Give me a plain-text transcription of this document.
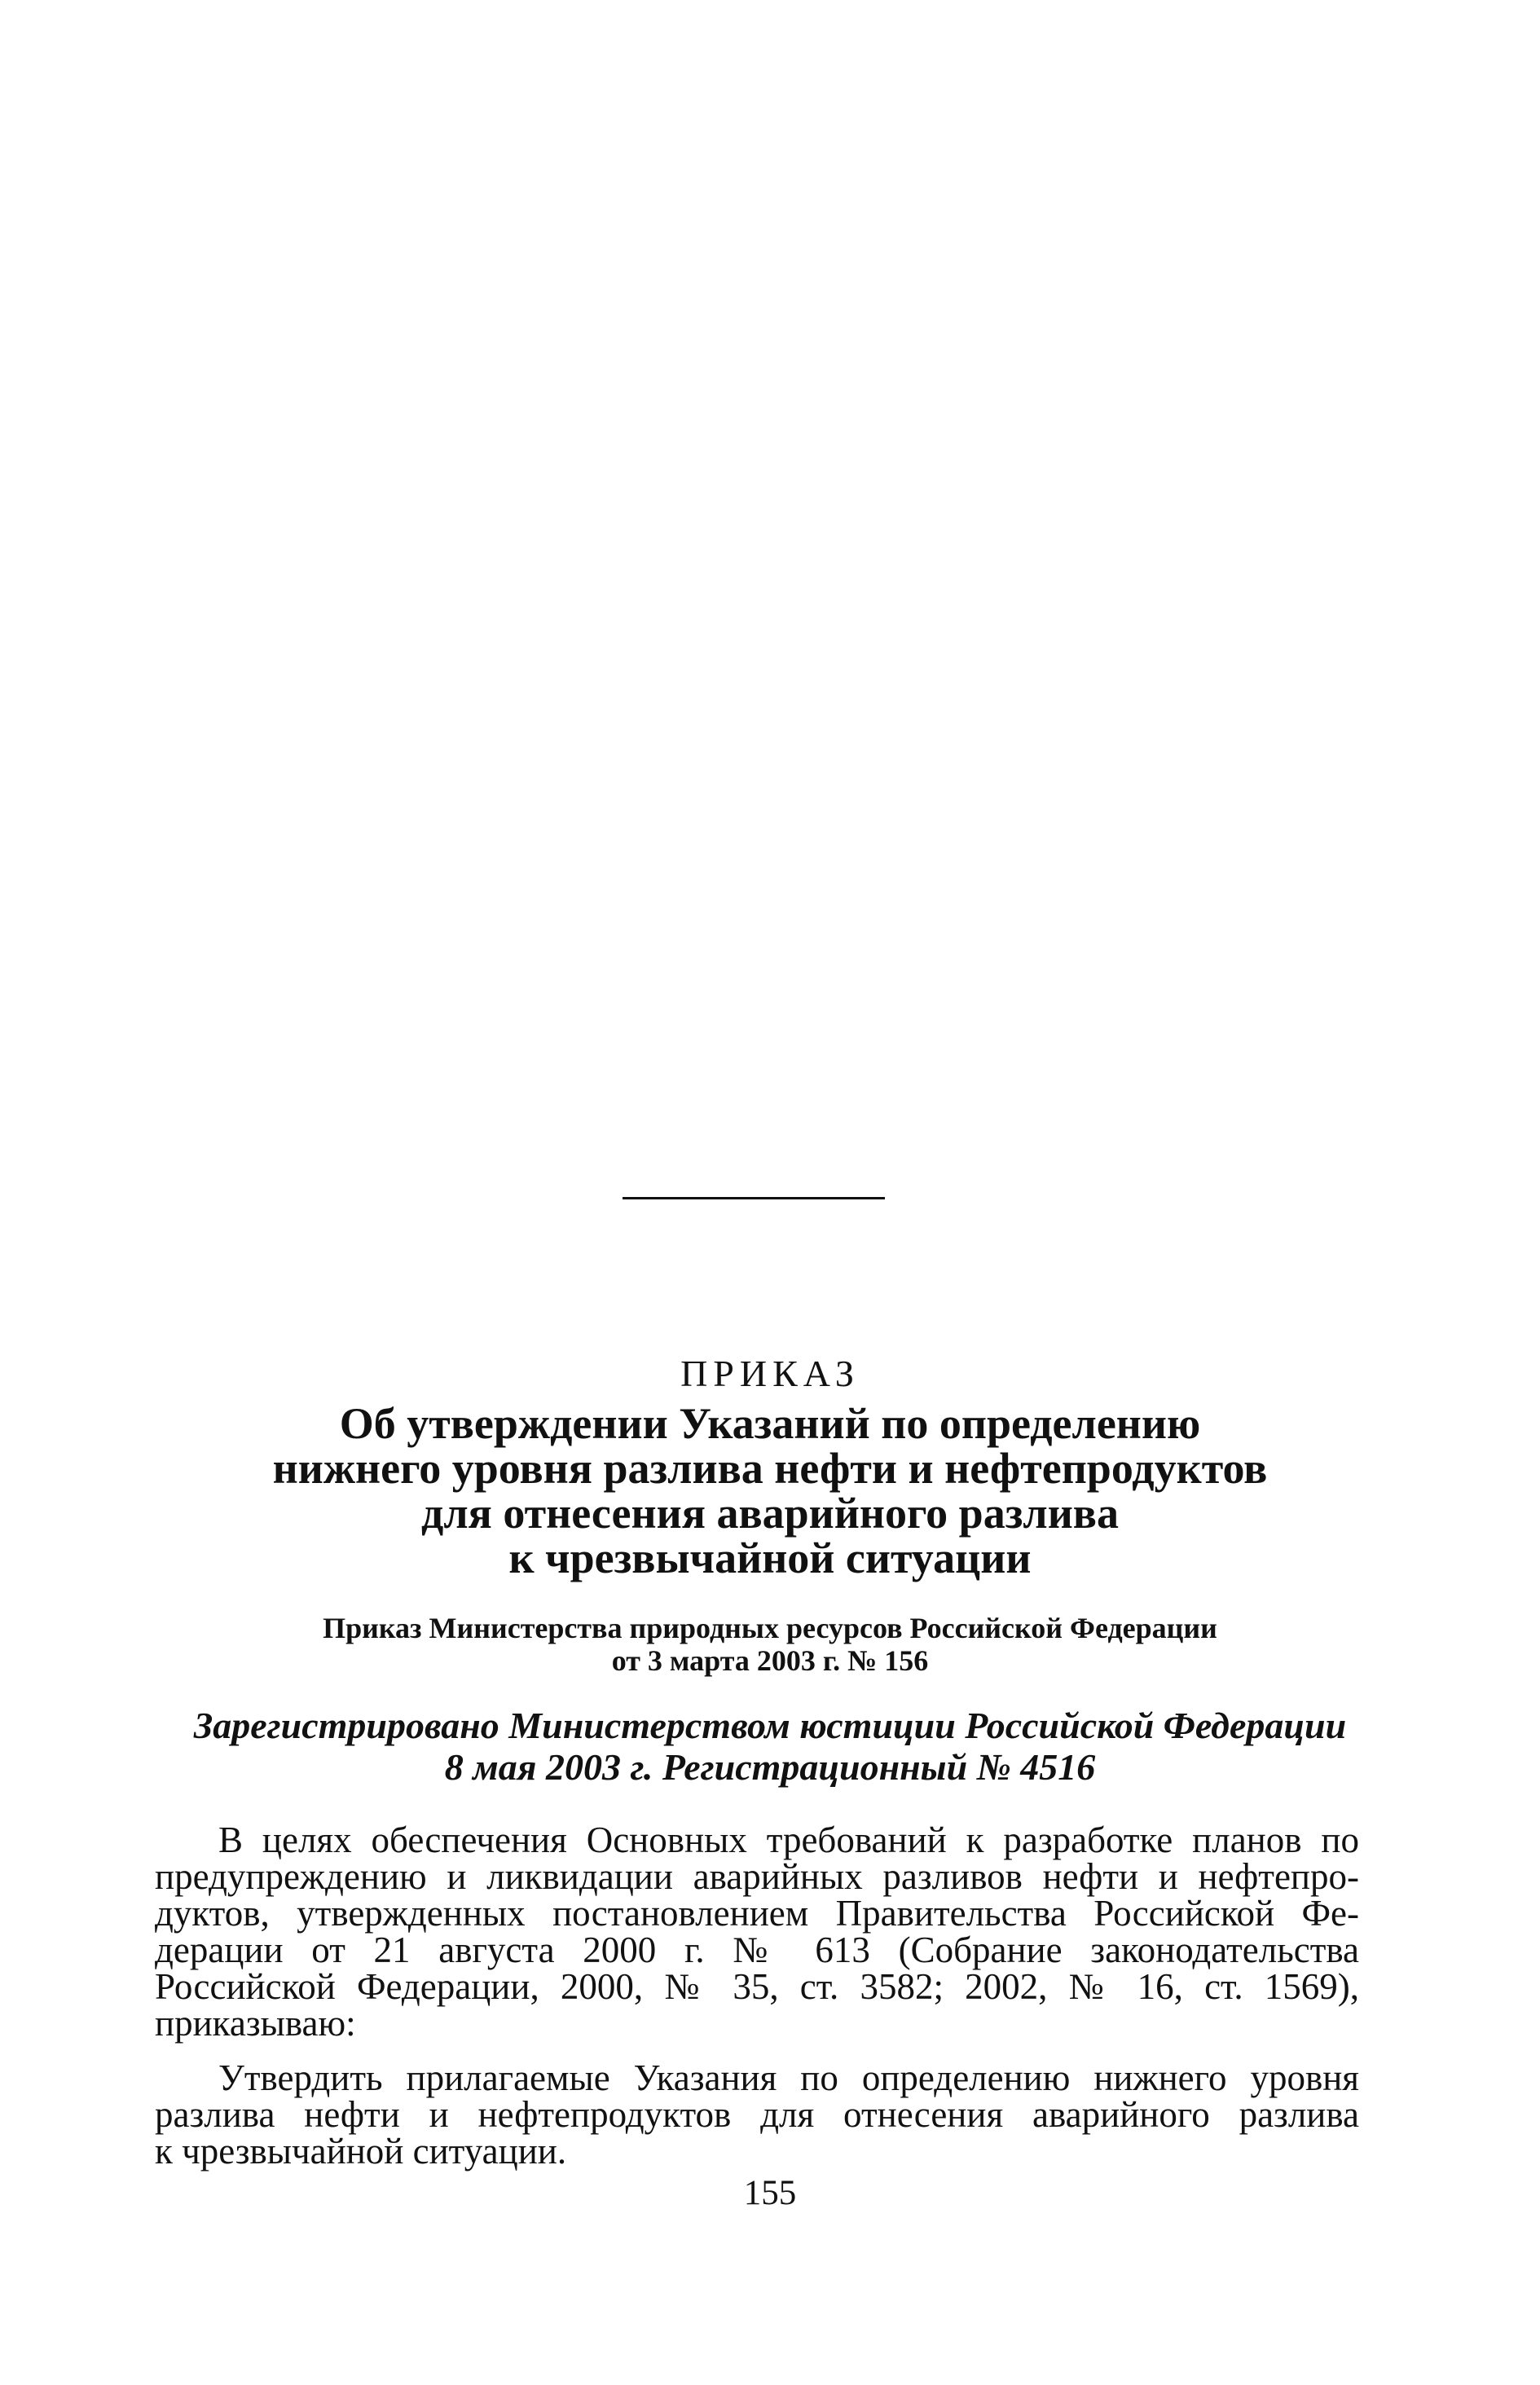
ПРИКАЗ
Об утверждении Указаний по определению
нижнего уровня разлива нефти и нефтепродуктов
для отнесения аварийного разлива
к чрезвычайной ситуации
Приказ Министерства природных ресурсов Российской Федерации
от 3 марта 2003 г. № 156
Зарегистрировано Министерством юстиции Российской Федерации
8 мая 2003 г. Регистрационный № 4516
В целях обеспечения Основных требований к разработке планов по
предупреждению и ликвидации аварийных разливов нефти и нефтепро-
дуктов, утвержденных постановлением Правительства Российской Фе-
дерации от 21 августа 2000 г. № 613 (Собрание законодательства
Российской Федерации, 2000, № 35, ст. 3582; 2002, № 16, ст. 1569),
приказываю:
Утвердить прилагаемые Указания по определению нижнего уровня
разлива нефти и нефтепродуктов для отнесения аварийного разлива
к чрезвычайной ситуации.
155
